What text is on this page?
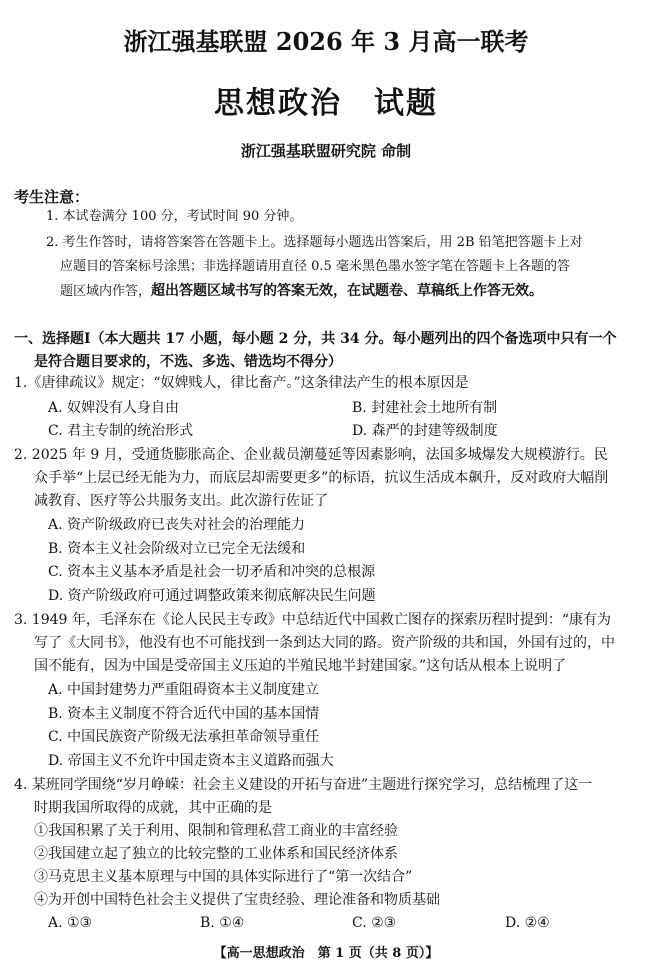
浙江强基联盟 2026 年 3 月高一联考
思想政治　试题
浙江强基联盟研究院 命制
考生注意：
1. 本试卷满分 100 分，考试时间 90 分钟。
2. 考生作答时，请将答案答在答题卡上。选择题每小题选出答案后，用 2B 铅笔把答题卡上对
应题目的答案标号涂黑；非选择题请用直径 0.5 毫米黑色墨水签字笔在答题卡上各题的答
题区域内作答，超出答题区域书写的答案无效，在试题卷、草稿纸上作答无效。
一、选择题Ⅰ（本大题共 17 小题，每小题 2 分，共 34 分。每小题列出的四个备选项中只有一个
是符合题目要求的，不选、多选、错选均不得分）
1.《唐律疏议》规定：“奴婢贱人，律比畜产。”这条律法产生的根本原因是
A. 奴婢没有人身自由	B. 封建社会土地所有制
C. 君主专制的统治形式	D. 森严的封建等级制度
2. 2025 年 9 月，受通货膨胀高企、企业裁员潮蔓延等因素影响，法国多城爆发大规模游行。民
众手举“上层已经无能为力，而底层却需要更多”的标语，抗议生活成本飙升，反对政府大幅削
减教育、医疗等公共服务支出。此次游行佐证了
A. 资产阶级政府已丧失对社会的治理能力
B. 资本主义社会阶级对立已完全无法缓和
C. 资本主义基本矛盾是社会一切矛盾和冲突的总根源
D. 资产阶级政府可通过调整政策来彻底解决民生问题
3. 1949 年，毛泽东在《论人民民主专政》中总结近代中国救亡图存的探索历程时提到：“康有为
写了《大同书》，他没有也不可能找到一条到达大同的路。资产阶级的共和国，外国有过的，中
国不能有，因为中国是受帝国主义压迫的半殖民地半封建国家。”这句话从根本上说明了
A. 中国封建势力严重阻碍资本主义制度建立
B. 资本主义制度不符合近代中国的基本国情
C. 中国民族资产阶级无法承担革命领导重任
D. 帝国主义不允许中国走资本主义道路而强大
4. 某班同学围绕“岁月峥嵘：社会主义建设的开拓与奋进”主题进行探究学习，总结梳理了这一
时期我国所取得的成就，其中正确的是
①我国积累了关于利用、限制和管理私营工商业的丰富经验
②我国建立起了独立的比较完整的工业体系和国民经济体系
③马克思主义基本原理与中国的具体实际进行了“第一次结合”
④为开创中国特色社会主义提供了宝贵经验、理论准备和物质基础
A. ①③	B. ①④	C. ②③	D. ②④
【高一思想政治　第 1 页（共 8 页）】
